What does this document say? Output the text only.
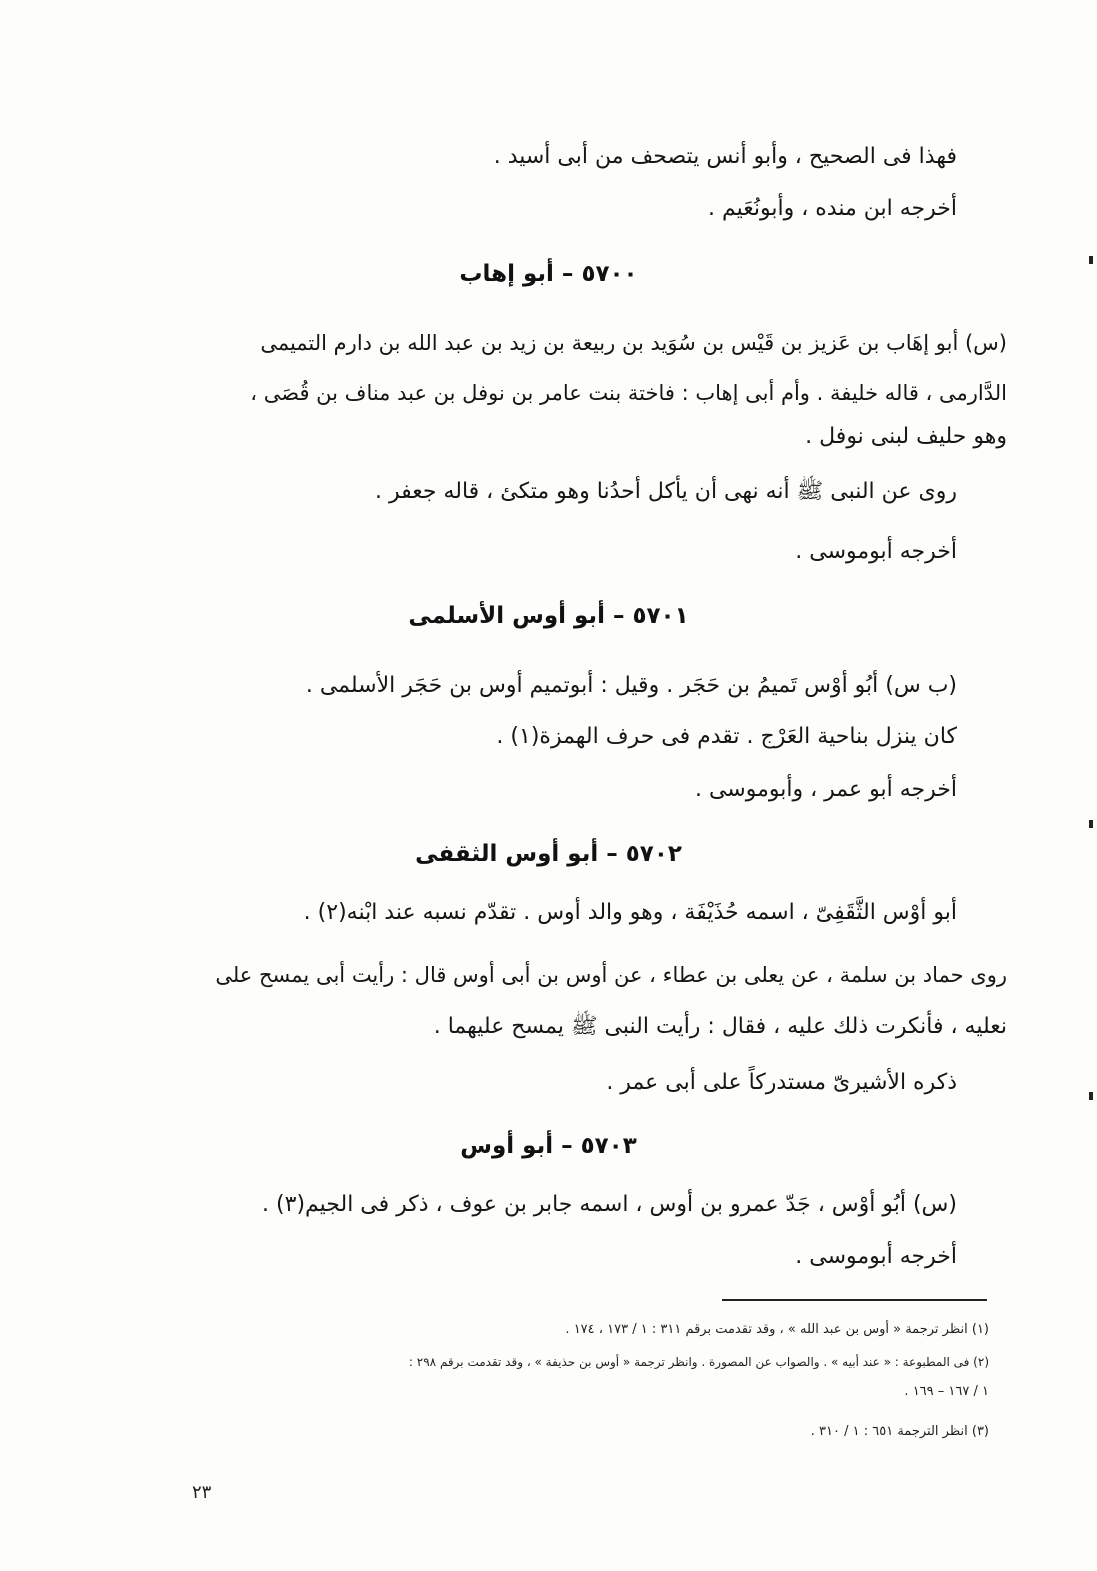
فهذا فى الصحيح ، وأبو أنس يتصحف من أبى أسيد .
أخرجه ابن منده ، وأبونُعَيم .
٥٧٠٠ – أبو إهاب
(س) أبو إهَاب بن عَزيز بن قَيْس بن سُوَيد بن ربيعة بن زيد بن عبد الله بن دارم التميمى
الدَّارمى ، قاله خليفة . وأم أبى إهاب : فاختة بنت عامر بن نوفل بن عبد مناف بن قُصَى ،
وهو حليف لبنى نوفل .
روى عن النبى ﷺ أنه نهى أن يأكل أحدُنا وهو متكئ ، قاله جعفر .
أخرجه أبوموسى .
٥٧٠١ – أبو أوس الأسلمى
(ب س) أبُو أوْس تَميمُ بن حَجَر . وقيل : أبوتميم أوس بن حَجَر الأسلمى .
كان ينزل بناحية العَرْج . تقدم فى حرف الهمزة(١) .
أخرجه أبو عمر ، وأبوموسى .
٥٧٠٢ – أبو أوس الثقفى
أبو أوْس الثَّقَفِىّ ، اسمه حُذَيْفَة ، وهو والد أوس . تقدّم نسبه عند ابْنه(٢) .
روى حماد بن سلمة ، عن يعلى بن عطاء ، عن أوس بن أبى أوس قال : رأيت أبى يمسح على
نعليه ، فأنكرت ذلك عليه ، فقال : رأيت النبى ﷺ يمسح عليهما .
ذكره الأشيرىّ مستدركاً على أبى عمر .
٥٧٠٣ – أبو أوس
(س) أبُو أوْس ، جَدّ عمرو بن أوس ، اسمه جابر بن عوف ، ذكر فى الجيم(٣) .
أخرجه أبوموسى .
(١) انظر ترجمة « أوس بن عبد الله » ، وقد تقدمت برقم ٣١١ : ١ / ١٧٣ ، ١٧٤ .
(٢) فى المطبوعة : « عند أبيه » . والصواب عن المصورة . وانظر ترجمة « أوس بن حذيفة » ، وقد تقدمت برقم ٢٩٨ :
١ / ١٦٧ – ١٦٩ .
(٣) انظر الترجمة ٦٥١ : ١ / ٣١٠ .
٢٣
